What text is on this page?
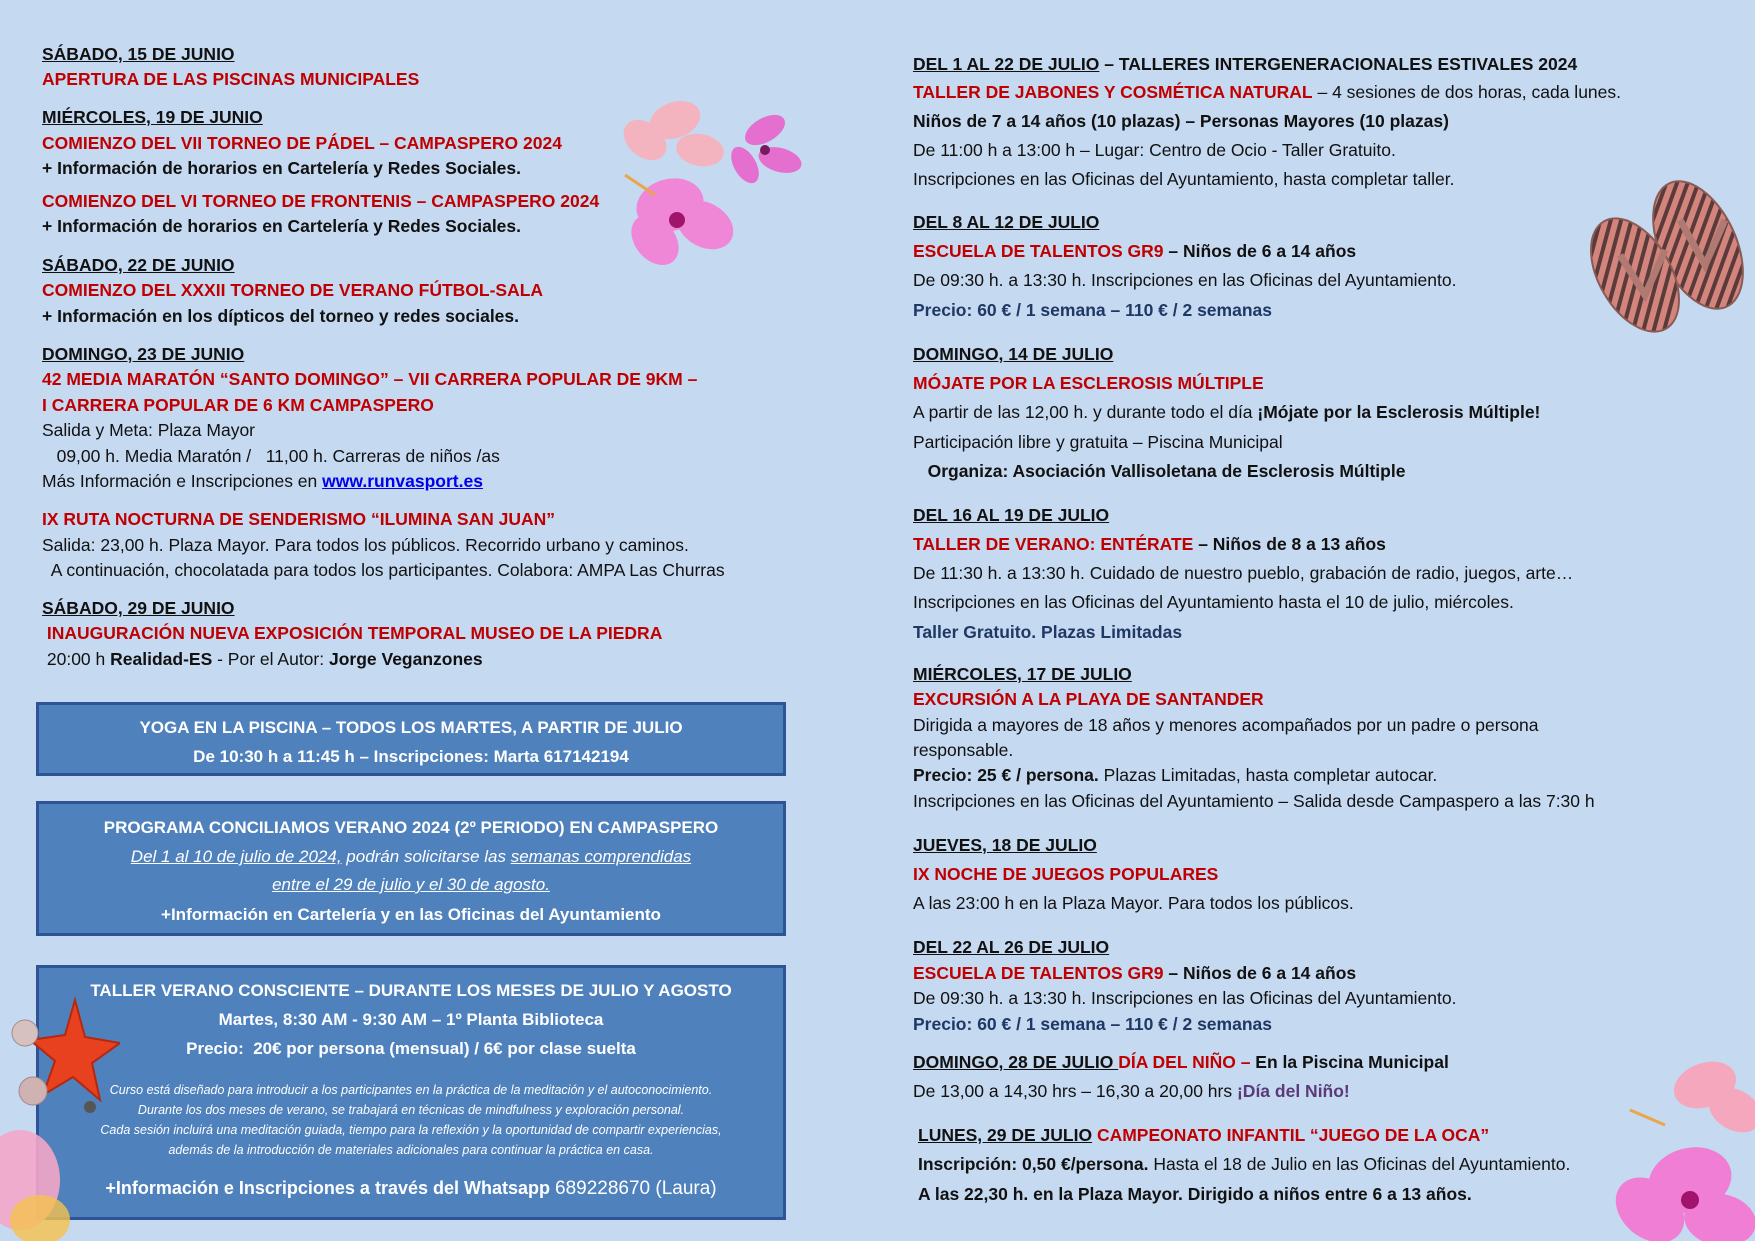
SÁBADO, 15 DE JUNIO
APERTURA DE LAS PISCINAS MUNICIPALES
MIÉRCOLES, 19 DE JUNIO
COMIENZO DEL VII TORNEO DE PÁDEL – CAMPASPERO 2024
+ Información de horarios en Cartelería y Redes Sociales.
COMIENZO DEL VI TORNEO DE FRONTENIS – CAMPASPERO 2024
+ Información de horarios en Cartelería y Redes Sociales.
SÁBADO, 22 DE JUNIO
COMIENZO DEL XXXII TORNEO DE VERANO FÚTBOL-SALA
+ Información en los dípticos del torneo y redes sociales.
DOMINGO, 23 DE JUNIO
42 MEDIA MARATÓN “SANTO DOMINGO” – VII CARRERA POPULAR DE 9KM –
I CARRERA POPULAR DE 6 KM CAMPASPERO
Salida y Meta: Plaza Mayor
09,00 h. Media Maratón /   11,00 h. Carreras de niños /as
Más Información e Inscripciones en www.runvasport.es
IX RUTA NOCTURNA DE SENDERISMO “ILUMINA SAN JUAN”
Salida: 23,00 h. Plaza Mayor. Para todos los públicos. Recorrido urbano y caminos.
A continuación, chocolatada para todos los participantes. Colabora: AMPA Las Churras
SÁBADO, 29 DE JUNIO
INAUGURACIÓN NUEVA EXPOSICIÓN TEMPORAL MUSEO DE LA PIEDRA
20:00 h Realidad-ES - Por el Autor: Jorge Veganzones
YOGA EN LA PISCINA – TODOS LOS MARTES, A PARTIR DE JULIO
De 10:30 h a 11:45 h – Inscripciones: Marta 617142194
PROGRAMA CONCILIAMOS VERANO 2024 (2º PERIODO) EN CAMPASPERO
Del 1 al 10 de julio de 2024, podrán solicitarse las semanas comprendidas
entre el 29 de julio y el 30 de agosto.
+Información en Cartelería y en las Oficinas del Ayuntamiento
TALLER VERANO CONSCIENTE – DURANTE LOS MESES DE JULIO Y AGOSTO
Martes, 8:30 AM - 9:30 AM – 1º Planta Biblioteca
Precio:  20€ por persona (mensual) / 6€ por clase suelta
Curso está diseñado para introducir a los participantes en la práctica de la meditación y el autoconocimiento.
Durante los dos meses de verano, se trabajará en técnicas de mindfulness y exploración personal.
Cada sesión incluirá una meditación guiada, tiempo para la reflexión y la oportunidad de compartir experiencias,
además de la introducción de materiales adicionales para continuar la práctica en casa.
+Información e Inscripciones a través del Whatsapp 689228670 (Laura)
DEL 1 AL 22 DE JULIO – TALLERES INTERGENERACIONALES ESTIVALES 2024
TALLER DE JABONES Y COSMÉTICA NATURAL – 4 sesiones de dos horas, cada lunes.
Niños de 7 a 14 años (10 plazas) – Personas Mayores (10 plazas)
De 11:00 h a 13:00 h – Lugar: Centro de Ocio - Taller Gratuito.
Inscripciones en las Oficinas del Ayuntamiento, hasta completar taller.
DEL 8 AL 12 DE JULIO
ESCUELA DE TALENTOS GR9 – Niños de 6 a 14 años
De 09:30 h. a 13:30 h. Inscripciones en las Oficinas del Ayuntamiento.
Precio: 60 € / 1 semana – 110 € / 2 semanas
DOMINGO, 14 DE JULIO
MÓJATE POR LA ESCLEROSIS MÚLTIPLE
A partir de las 12,00 h. y durante todo el día ¡Mójate por la Esclerosis Múltiple!
Participación libre y gratuita – Piscina Municipal
Organiza: Asociación Vallisoletana de Esclerosis Múltiple
DEL 16 AL 19 DE JULIO
TALLER DE VERANO: ENTÉRATE – Niños de 8 a 13 años
De 11:30 h. a 13:30 h. Cuidado de nuestro pueblo, grabación de radio, juegos, arte…
Inscripciones en las Oficinas del Ayuntamiento hasta el 10 de julio, miércoles.
Taller Gratuito. Plazas Limitadas
MIÉRCOLES, 17 DE JULIO
EXCURSIÓN A LA PLAYA DE SANTANDER
Dirigida a mayores de 18 años y menores acompañados por un padre o persona
responsable.
Precio: 25 € / persona. Plazas Limitadas, hasta completar autocar.
Inscripciones en las Oficinas del Ayuntamiento – Salida desde Campaspero a las 7:30 h
JUEVES, 18 DE JULIO
IX NOCHE DE JUEGOS POPULARES
A las 23:00 h en la Plaza Mayor. Para todos los públicos.
DEL 22 AL 26 DE JULIO
ESCUELA DE TALENTOS GR9 – Niños de 6 a 14 años
De 09:30 h. a 13:30 h. Inscripciones en las Oficinas del Ayuntamiento.
Precio: 60 € / 1 semana – 110 € / 2 semanas
DOMINGO, 28 DE JULIO DÍA DEL NIÑO – En la Piscina Municipal
De 13,00 a 14,30 hrs – 16,30 a 20,00 hrs ¡Día del Niño!
LUNES, 29 DE JULIO CAMPEONATO INFANTIL “JUEGO DE LA OCA”
Inscripción: 0,50 €/persona. Hasta el 18 de Julio en las Oficinas del Ayuntamiento.
A las 22,30 h. en la Plaza Mayor. Dirigido a niños entre 6 a 13 años.
